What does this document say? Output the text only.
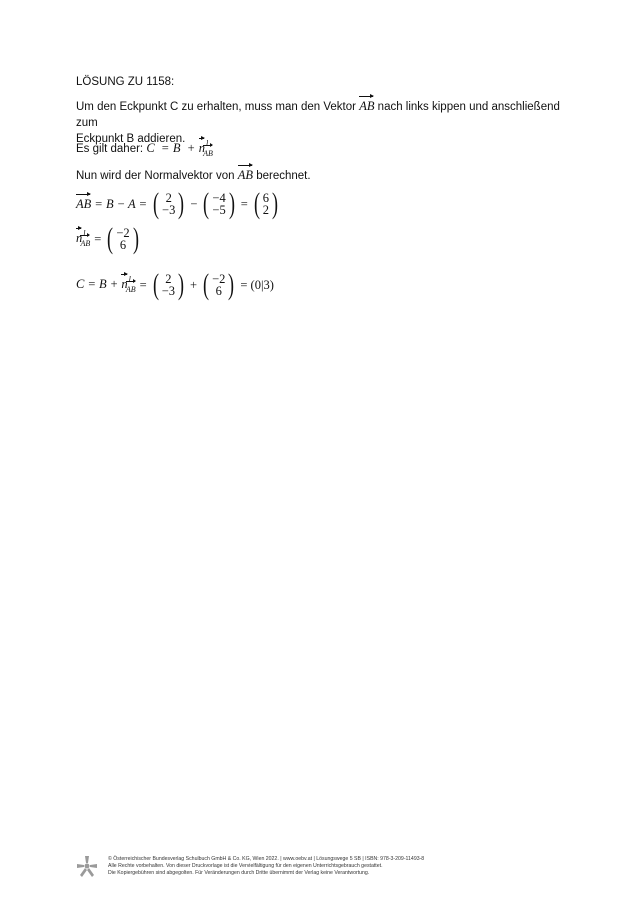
LÖSUNG ZU 1158:
Um den Eckpunkt C zu erhalten, muss man den Vektor AB nach links kippen und anschließend zum
Eckpunkt B addieren.
Es gilt daher: $C = B + n^l_{AB}$
Nun wird der Normalvektor von AB berechnet.
AB = B − A = ( 2
−3 ) − ( −4
−5 ) = ( 6
2 )
$n^l_{AB}$ = ( −2
6 )
$C = B + n^l_{AB}$ = ( 2
−3 ) + ( −2
6 ) = (0|3)
© Österreichischer Bundesverlag Schulbuch GmbH & Co. KG, Wien 2022. | www.oebv.at | Lösungswege 5 SB | ISBN: 978-3-209-11493-8
Alle Rechte vorbehalten. Von dieser Druckvorlage ist die Vervielfältigung für den eigenen Unterrichtsgebrauch gestattet.
Die Kopiergebühren sind abgegolten. Für Veränderungen durch Dritte übernimmt der Verlag keine Verantwortung.
